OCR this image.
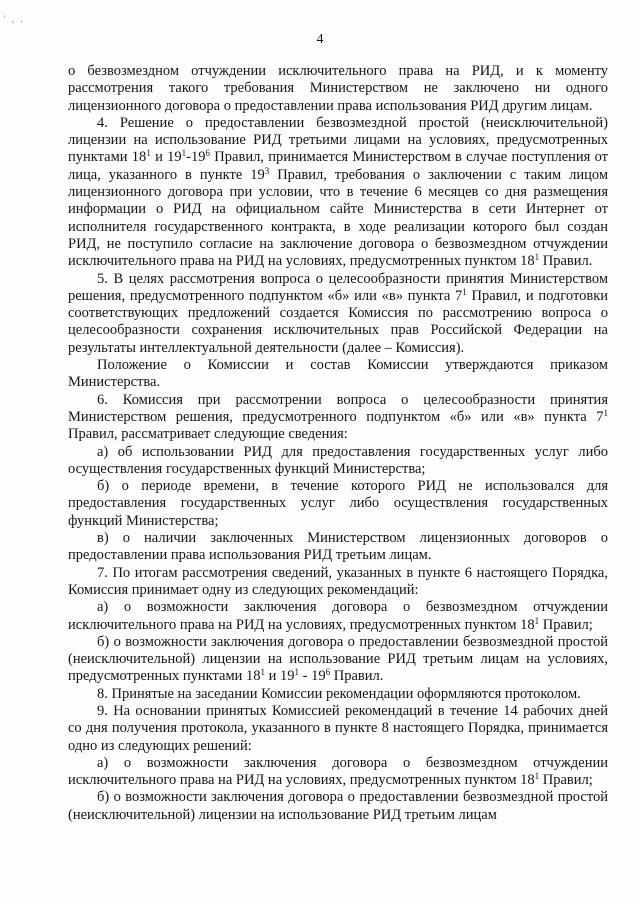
' , .
4

о безвозмездном отчуждении исключительного права на РИД, и к моменту рассмотрения такого требования Министерством не заключено ни одного лицензионного договора о предоставлении права использования РИД другим лицам.

4. Решение о предоставлении безвозмездной простой (неисключительной) лицензии на использование РИД третьими лицами на условиях, предусмотренных пунктами $18^1$ и $19^1-19^6$ Правил, принимается Министерством в случае поступления от лица, указанного в пункте $19^3$ Правил, требования о заключении с таким лицом лицензионного договора при условии, что в течение 6 месяцев со дня размещения информации о РИД на официальном сайте Министерства в сети Интернет от исполнителя государственного контракта, в ходе реализации которого был создан РИД, не поступило согласие на заключение договора о безвозмездном отчуждении исключительного права на РИД на условиях, предусмотренных пунктом $18^1$ Правил.

5. В целях рассмотрения вопроса о целесообразности принятия Министерством решения, предусмотренного подпунктом «б» или «в» пункта $7^1$ Правил, и подготовки соответствующих предложений создается Комиссия по рассмотрению вопроса о целесообразности сохранения исключительных прав Российской Федерации на результаты интеллектуальной деятельности (далее – Комиссия).

Положение о Комиссии и состав Комиссии утверждаются приказом Министерства.

6. Комиссия при рассмотрении вопроса о целесообразности принятия Министерством решения, предусмотренного подпунктом «б» или «в» пункта $7^1$ Правил, рассматривает следующие сведения:

а) об использовании РИД для предоставления государственных услуг либо осуществления государственных функций Министерства;

б) о периоде времени, в течение которого РИД не использовался для предоставления государственных услуг либо осуществления государственных функций Министерства;

в) о наличии заключенных Министерством лицензионных договоров о предоставлении права использования РИД третьим лицам.

7. По итогам рассмотрения сведений, указанных в пункте 6 настоящего Порядка, Комиссия принимает одну из следующих рекомендаций:

а) о возможности заключения договора о безвозмездном отчуждении исключительного права на РИД на условиях, предусмотренных пунктом $18^1$ Правил;

б) о возможности заключения договора о предоставлении безвозмездной простой (неисключительной) лицензии на использование РИД третьим лицам на условиях, предусмотренных пунктами $18^1$ и $19^1 - 19^6$ Правил.

8. Принятые на заседании Комиссии рекомендации оформляются протоколом.

9. На основании принятых Комиссией рекомендаций в течение 14 рабочих дней со дня получения протокола, указанного в пункте 8 настоящего Порядка, принимается одно из следующих решений:

а) о возможности заключения договора о безвозмездном отчуждении исключительного права на РИД на условиях, предусмотренных пунктом $18^1$ Правил;

б) о возможности заключения договора о предоставлении безвозмездной простой (неисключительной) лицензии на использование РИД третьим лицам
